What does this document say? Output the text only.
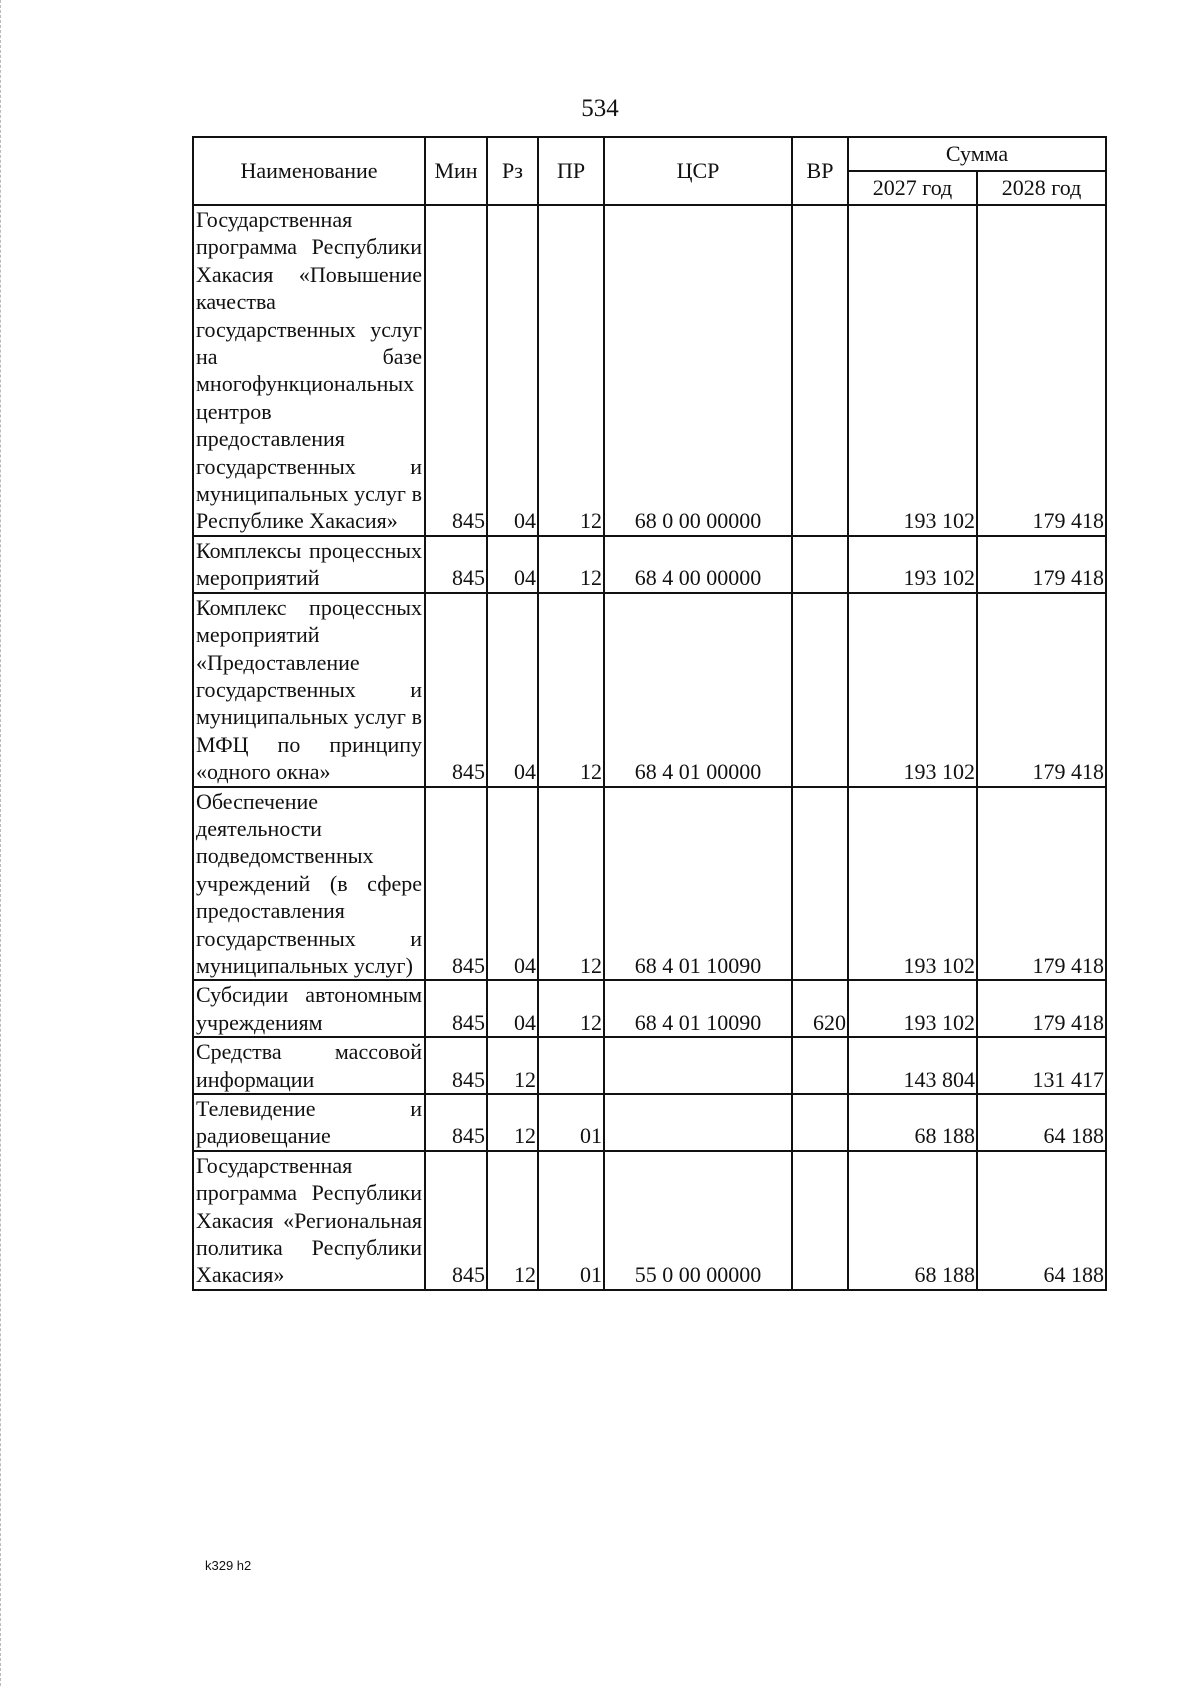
534
Наименование	Мин	Рз	ПР	ЦСР	ВР	Сумма	
						2027 год	2028 год
Государственная программа Республики Хакасия «Повышение качества государственных услуг на базе многофункциональных центров предоставления государственных и муниципальных услуг в Республике Хакасия»	845	04	12	68 0 00 00000		193 102	179 418
Комплексы процессных мероприятий	845	04	12	68 4 00 00000		193 102	179 418
Комплекс процессных мероприятий «Предоставление государственных и муниципальных услуг в МФЦ по принципу «одного окна»	845	04	12	68 4 01 00000		193 102	179 418
Обеспечение деятельности подведомственных учреждений (в сфере предоставления государственных и муниципальных услуг)	845	04	12	68 4 01 10090		193 102	179 418
Субсидии автономным учреждениям	845	04	12	68 4 01 10090	620	193 102	179 418
Средства массовой информации	845	12				143 804	131 417
Телевидение и радиовещание	845	12	01			68 188	64 188
Государственная программа Республики Хакасия «Региональная политика Республики Хакасия»	845	12	01	55 0 00 00000		68 188	64 188
k329 h2
